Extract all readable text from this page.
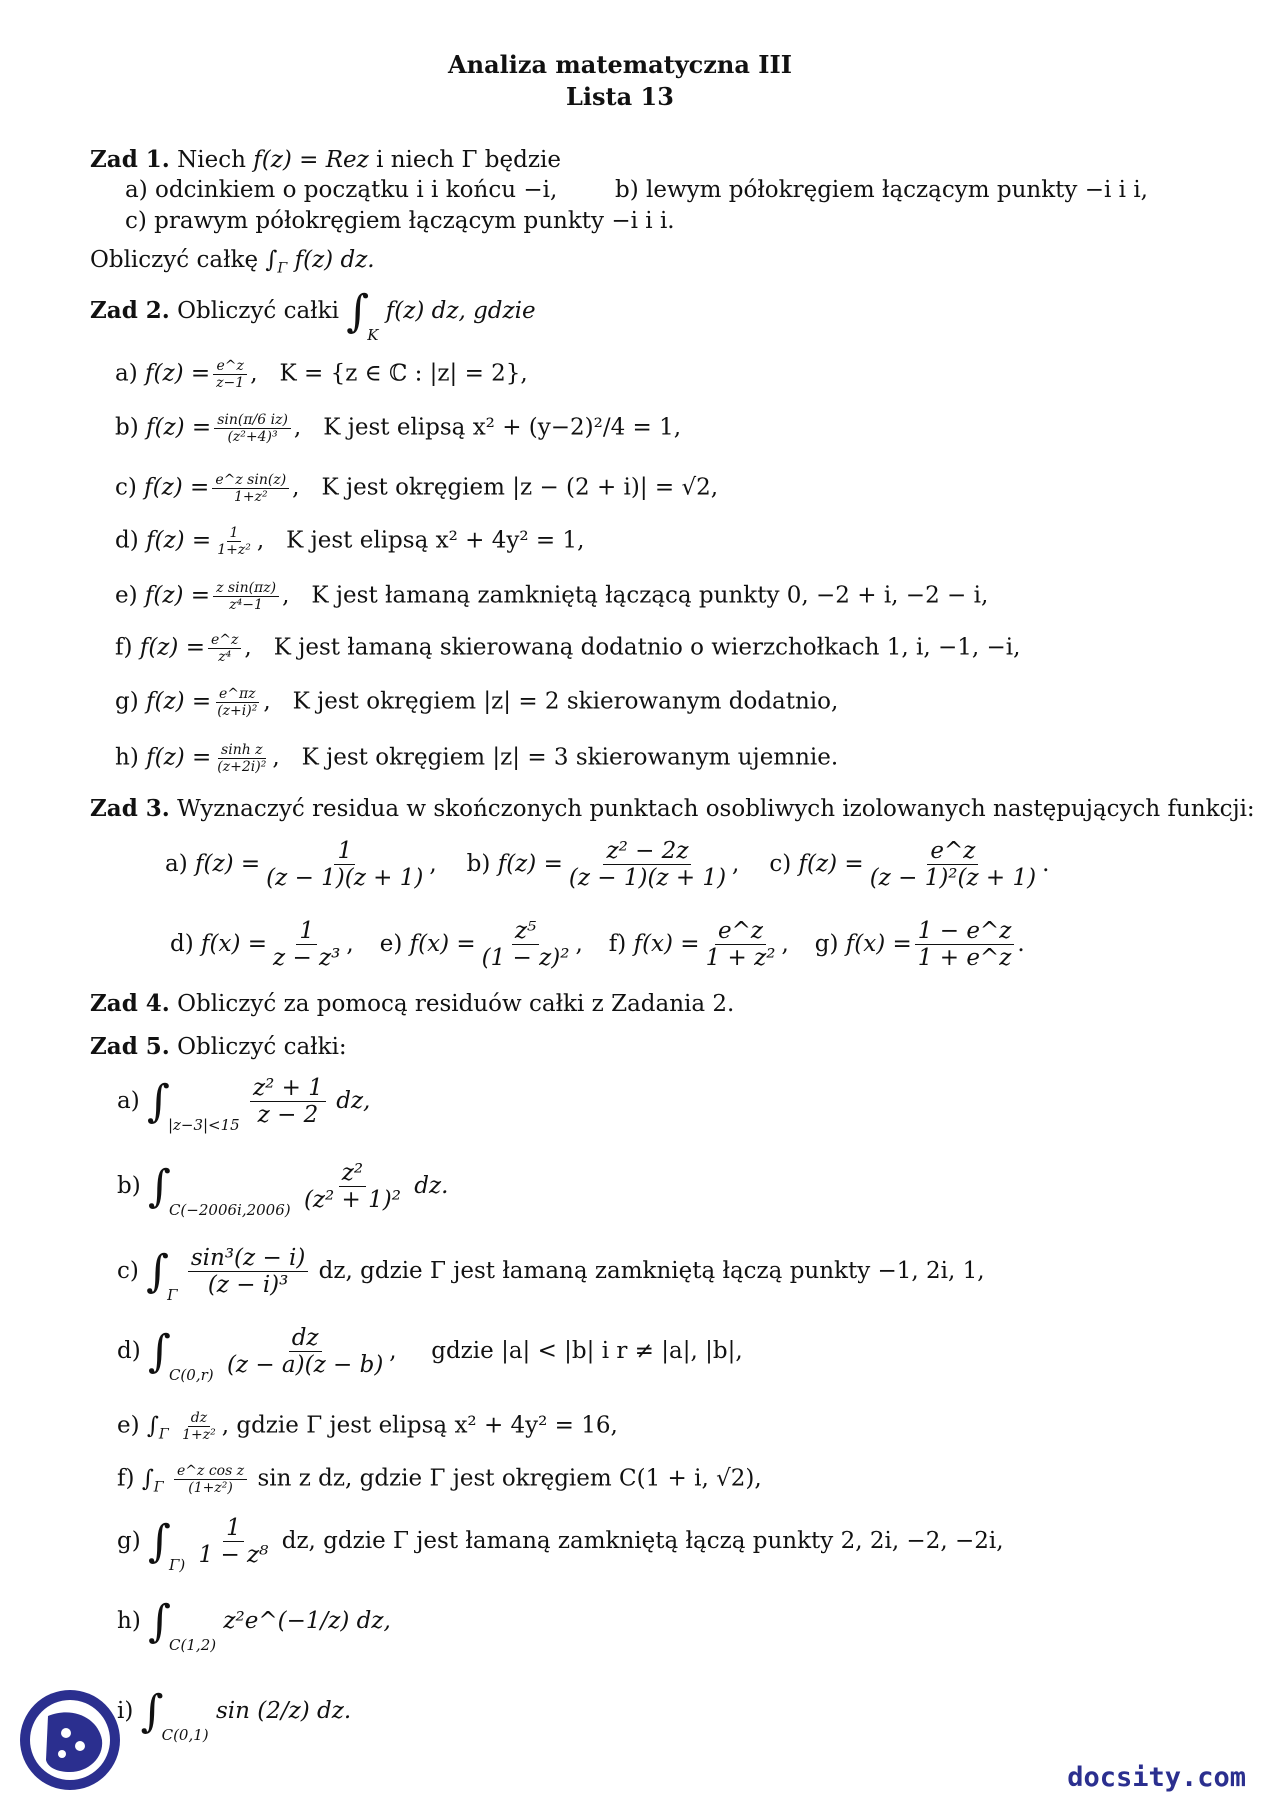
Analiza matematyczna III
Lista 13
Zad 1. Niech f(z) = Rez i niech Γ będzie
a) odcinkiem o początku i i końcu −i,	b) lewym półokręgiem łączącym punkty −i i i,
c) prawym półokręgiem łączącym punkty −i i i.
Obliczyć całkę $\int_\Gamma$ f(z) dz.
Zad 2. Obliczyć całki $\int_K$ f(z) dz, gdzie
a) $f(z) = \frac{e\^{}z}{z-1}$ , K = {z ∈ ℂ : |z| = 2},
b) $f(z) = \frac{\sin(\pi/6 iz)}{\text{(z²+4)³}}$ , K jest elipsą x² + (y−2)²/4 = 1,
c) $f(z) = \frac{\text{e\textasciicircum{}z sin(z)}}{\text{1+z²}}$ , K jest okręgiem |z − (2 + i)| = √2,
d) $f(z) = \frac{1}{\text{1+z²}}$ , K jest elipsą x² + 4y² = 1,
e) $f(z) = \frac{\text{z sin(πz)}}{\text{z⁴−1}}$ , K jest łamaną zamkniętą łączącą punkty 0, −2 + i, −2 − i,
f) $f(z) = \frac{e\^{}z}{\text{z⁴}}$ , K jest łamaną skierowaną dodatnio o wierzchołkach 1, i, −1, −i,
g) $f(z) = \frac{e\^{}\pi z}{\text{(z+i)²}}$ , K jest okręgiem |z| = 2 skierowanym dodatnio,
h) $f(z) = \frac{\text{sinh z}}{\text{(z+2i)²}}$ , K jest okręgiem |z| = 3 skierowanym ujemnie.
Zad 3. Wyznaczyć residua w skończonych punktach osobliwych izolowanych następujących funkcji:
a) $f(z) = \frac{1}{(z - 1)(z + 1)}$ , b) $f(z) = \frac{\text{z² − 2z}}{(z - 1)(z + 1)}$ , c) $f(z) = \frac{e\^{}z}{\text{(z − 1)²(z + 1)}}$ .
d) $f(x) = \frac{1}{\text{z − z³}}$ , e) $f(x) = \frac{\text{z⁵}}{\text{(1 − z)²}}$ , f) $f(x) = \frac{e\^{}z}{\text{1 + z²}}$ , g) $f(x) = \frac{1 - e\^{}z}{1 + e\^{}z}$ .
Zad 4. Obliczyć za pomocą residuów całki z Zadania 2.
Zad 5. Obliczyć całki:
a) $\int_{|z-3|<15} \frac{\text{z² + 1}}{z - 2}$ dz,
b) $\int_{C(-2006i,2006)} \frac{\text{z²}}{\text{(z² + 1)²}}$ dz.
c) $\int_\Gamma \frac{\text{sin³(z − i)}}{\text{(z − i)³}}$ dz, gdzie Γ jest łamaną zamkniętą łączą punkty −1, 2i, 1,
d) $\int_{C(0,r)} \frac{dz}{(z - a)(z - b)}$ ,  gdzie |a| < |b| i r ≠ |a|, |b|,
e) $\int_\Gamma \frac{dz}{\text{1+z²}}$ , gdzie Γ jest elipsą x² + 4y² = 16,
f) $\int_\Gamma \frac{\text{e\textasciicircum{}z cos z}}{\text{(1+z²)}}$ sin z dz, gdzie Γ jest okręgiem C(1 + i, √2),
g) $\int_{\Gamma)} \frac{1}{\text{1 − z⁸}}$ dz, gdzie Γ jest łamaną zamkniętą łączą punkty 2, 2i, −2, −2i,
h) $\int_{C(1,2)}$ z²e^(−1/z) dz,
i) $\int_{C(0,1)}$ sin (2/z) dz.
docsity.com
